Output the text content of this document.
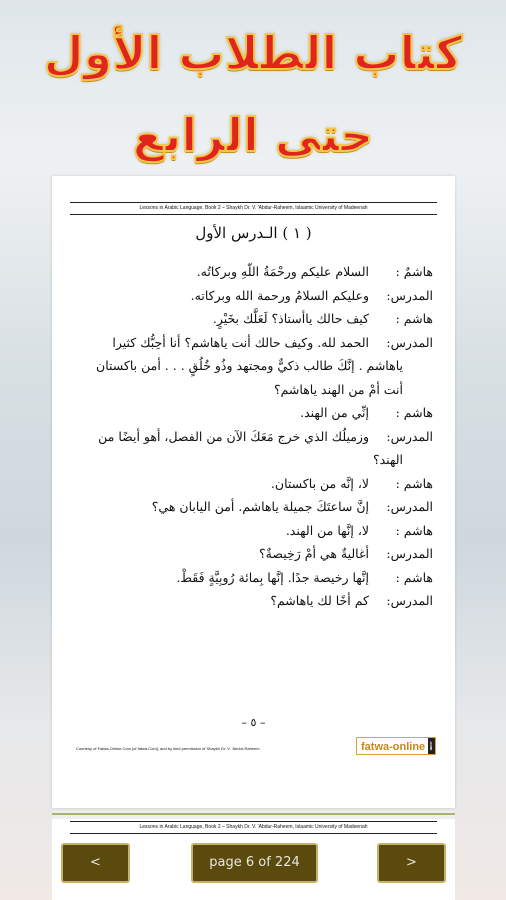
كتاب الطلاب الأول
حتى الرابع
Lessons in Arabic Language, Book 2 – Shaykh Dr. V. 'Abdur-Raheem, Islaamic University of Madeenah
( ١ ) الـدرس الأول
هاشمٌ :السلام عليكم ورحْمَةُ اللّهِ وبركاتُه.
المدرس:وعليكم السلامُ ورحمة الله وبركاته.
هاشم :كيف حالك ياأستاذ؟ لَعَلَّك بخَيْرٍ.
المدرس:الحمد لله. وكيف حالك أنت ياهاشم؟ أنا أحِبُّك كثيرا
ياهاشم . إنَّكَ طالب ذكيٌّ ومجتهد وذُو خُلُقٍ . . . أمن باكستان
أنت أمْ من الهند ياهاشم؟
هاشم :إنِّي من الهند.
المدرس:وزميلُك الذي خرج مَعَكَ الآن من الفصل، أهو أيضًا من
الهند؟
هاشم :لا، إنَّه من باكستان.
المدرس:إنَّ ساعتَكَ جميلة ياهاشم. أمن اليابان هي؟
هاشم :لا، إنَّها من الهند.
المدرس:أغاليةٌ هي أمْ رَخِيصةٌ؟
هاشم :إنَّها رخيصة جدًا. إنَّها بِمائة رُوبِيَّةٍ فَقَطْ.
المدرس:كم أخًا لك ياهاشم؟
– ٥ –
Courtesy of Fatwa-Online.Com [of fatwa.Com], and by kind permission of Shaykh Dr. V. 'Abdur-Raheem	fatwa-online .com
Lessons in Arabic Language, Book 2 – Shaykh Dr. V. 'Abdur-Raheem, Islaamic University of Madeenah
<	page 6 of 224	>
